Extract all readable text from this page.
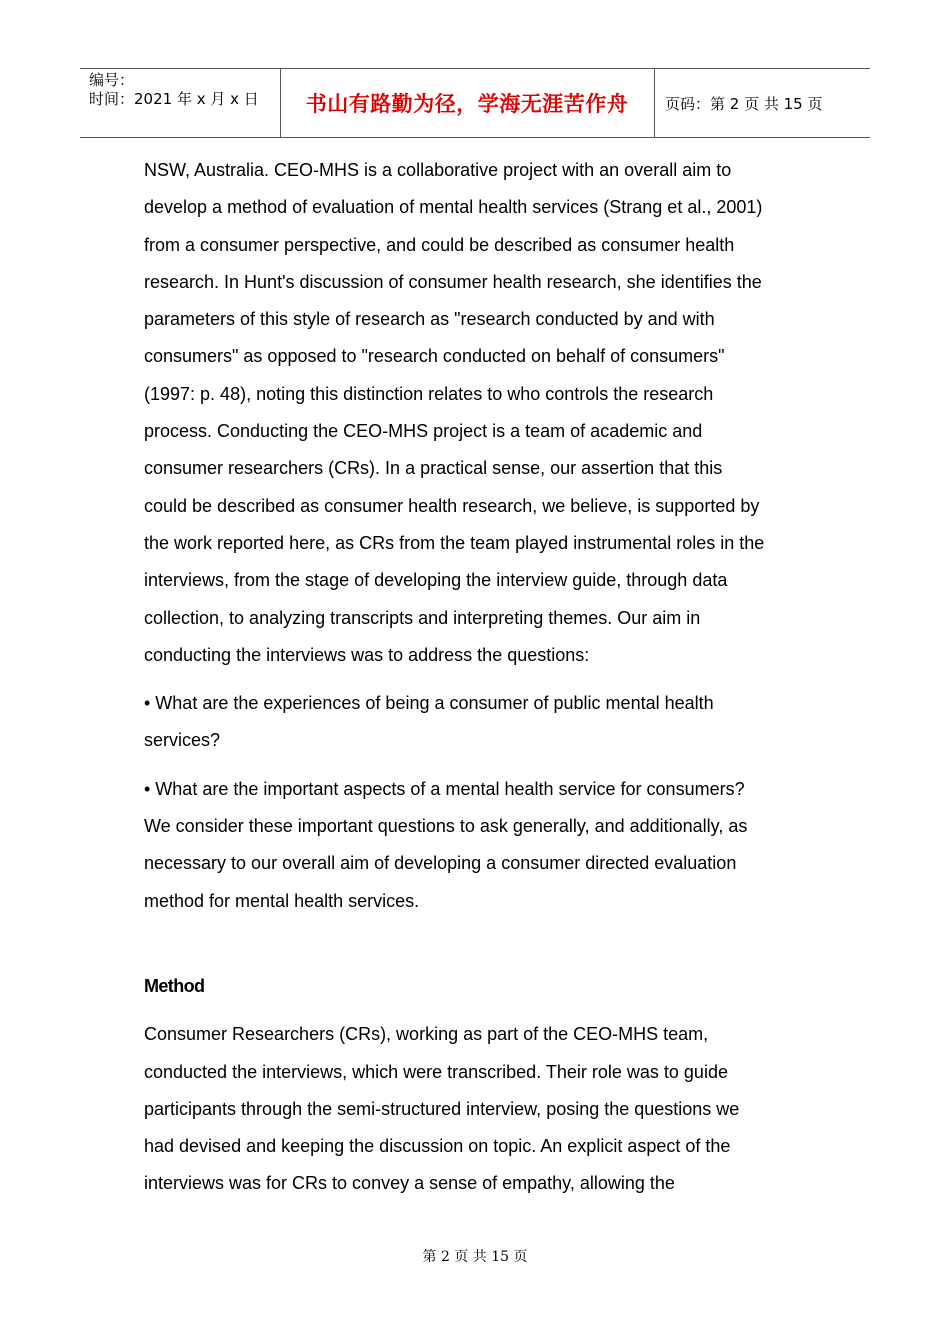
编号：
时间：2021 年 x 月 x 日	书山有路勤为径，学海无涯苦作舟	页码：第 2 页 共 15 页

NSW, Australia. CEO-MHS is a collaborative project with an overall aim to
develop a method of evaluation of mental health services (Strang et al., 2001)
from a consumer perspective, and could be described as consumer health
research. In Hunt's discussion of consumer health research, she identifies the
parameters of this style of research as "research conducted by and with
consumers" as opposed to "research conducted on behalf of consumers"
(1997: p. 48), noting this distinction relates to who controls the research
process. Conducting the CEO-MHS project is a team of academic and
consumer researchers (CRs). In a practical sense, our assertion that this
could be described as consumer health research, we believe, is supported by
the work reported here, as CRs from the team played instrumental roles in the
interviews, from the stage of developing the interview guide, through data
collection, to analyzing transcripts and interpreting themes. Our aim in
conducting the interviews was to address the questions:

• What are the experiences of being a consumer of public mental health
services?

• What are the important aspects of a mental health service for consumers?
We consider these important questions to ask generally, and additionally, as
necessary to our overall aim of developing a consumer directed evaluation
method for mental health services.

Method

Consumer Researchers (CRs), working as part of the CEO-MHS team,
conducted the interviews, which were transcribed. Their role was to guide
participants through the semi-structured interview, posing the questions we
had devised and keeping the discussion on topic. An explicit aspect of the
interviews was for CRs to convey a sense of empathy, allowing the

第 2 页 共 15 页
